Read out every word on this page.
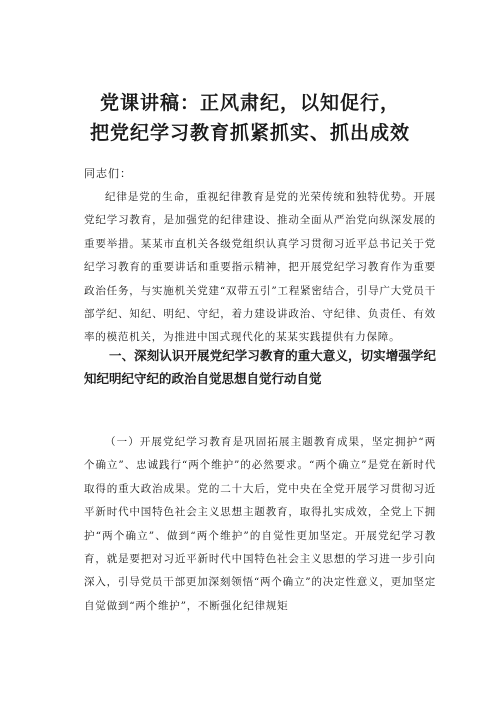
党课讲稿：正风肃纪，以知促行，
把党纪学习教育抓紧抓实、抓出成效

同志们：

纪律是党的生命，重视纪律教育是党的光荣传统和独特优势。开展党纪学习教育，是加强党的纪律建设、推动全面从严治党向纵深发展的重要举措。某某市直机关各级党组织认真学习贯彻习近平总书记关于党纪学习教育的重要讲话和重要指示精神，把开展党纪学习教育作为重要政治任务，与实施机关党建“双带五引”工程紧密结合，引导广大党员干部学纪、知纪、明纪、守纪，着力建设讲政治、守纪律、负责任、有效率的模范机关，为推进中国式现代化的某某实践提供有力保障。

一、深刻认识开展党纪学习教育的重大意义，切实增强学纪知纪明纪守纪的政治自觉思想自觉行动自觉

（一）开展党纪学习教育是巩固拓展主题教育成果，坚定拥护“两个确立”、忠诚践行“两个维护”的必然要求。“两个确立”是党在新时代取得的重大政治成果。党的二十大后，党中央在全党开展学习贯彻习近平新时代中国特色社会主义思想主题教育，取得扎实成效，全党上下拥护“两个确立”、做到“两个维护”的自觉性更加坚定。开展党纪学习教育，就是要把对习近平新时代中国特色社会主义思想的学习进一步引向深入，引导党员干部更加深刻领悟“两个确立”的决定性意义，更加坚定自觉做到“两个维护”，不断强化纪律规矩
